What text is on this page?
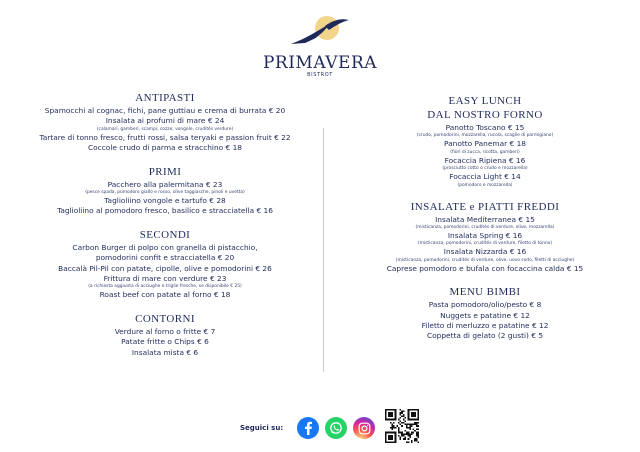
PRIMAVERA
BISTROT
ANTIPASTI
Spamocchi al cognac, fichi, pane guttiau e crema di burrata € 20
Insalata ai profumi di mare € 24
(calamari, gamberi, scampi, cozze, vongole, crudités verdure)
Tartare di tonno fresco, frutti rossi, salsa teryaki e passion fruit € 22
Coccole crudo di parma e stracchino € 18
PRIMI
Pacchero alla palermitana € 23
(pesce spada, pomodoro giallo e rosso, olive taggiasche, pinoli e uvetta)
Taglioliino vongole e tartufo € 28
Taglioliino al pomodoro fresco, basilico e stracciatella € 16
SECONDI
Carbon Burger di polpo con granella di pistacchio,
pomodorini confit e stracciatella € 20
Baccalà Pil-Pil con patate, cipolle, olive e pomodorini € 26
Frittura di mare con verdure € 23
(a richiesta aggiunta di acciughe e triglie fresche, se disponibile € 25)
Roast beef con patate al forno € 18
CONTORNI
Verdure al forno o fritte € 7
Patate fritte o Chips € 6
Insalata mista € 6
EASY LUNCH
DAL NOSTRO FORNO
Panotto Toscano € 15
(crudo, pomodorini, mozzarella, rucola, scaglie di parmigiano)
Panotto Panemar € 18
(fiori di zucca, ricotta, gamberi)
Focaccia Ripiena € 16
(prosciutto cotto o crudo e mozzarella)
Focaccia Light € 14
(pomodoro e mozzarella)
INSALATE e PIATTI FREDDI
Insalata Mediterranea € 15
(misticanza, pomodorini, crudités di verdure, olive, mozzarella)
Insalata Spring € 16
(misticanza, pomodorini, crudités di verdure, filetto di tonno)
Insalata Nizzarda € 16
(misticanza, pomodorini, crudités di verdure, olive, uovo sodo, filetti di acciughe)
Caprese pomodoro e bufala con focaccina calda € 15
MENU BIMBI
Pasta pomodoro/olio/pesto € 8
Nuggets e patatine € 12
Filetto di merluzzo e patatine € 12
Coppetta di gelato (2 gusti) € 5
Seguici su:
